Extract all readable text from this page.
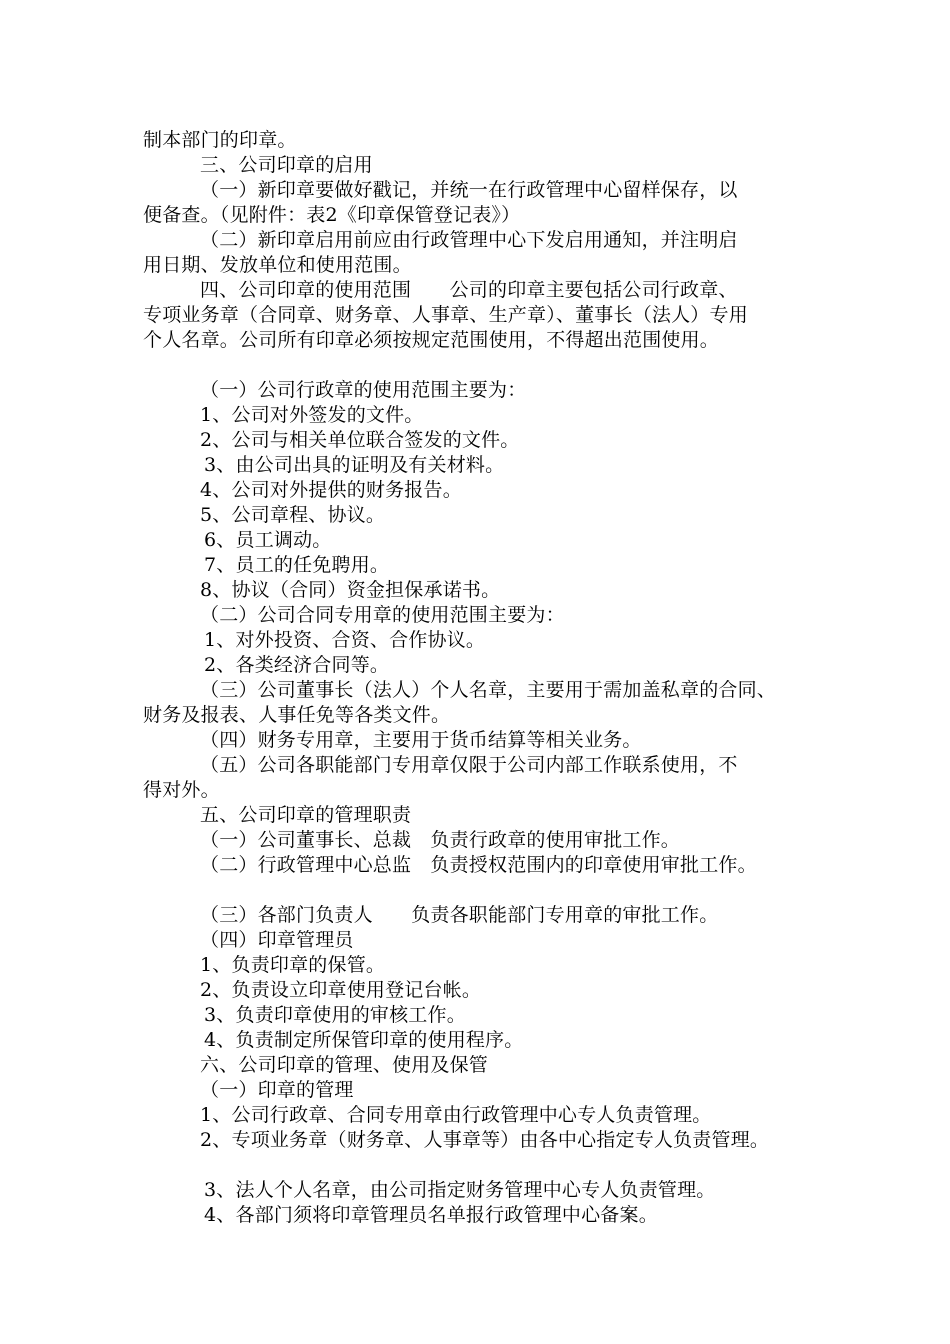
制本部门的印章。
三、公司印章的启用
（一）新印章要做好戳记，并统一在行政管理中心留样保存，以
便备查。（见附件：表2《印章保管登记表》）
（二）新印章启用前应由行政管理中心下发启用通知，并注明启
用日期、发放单位和使用范围。
四、公司印章的使用范围　　公司的印章主要包括公司行政章、
专项业务章（合同章、财务章、人事章、生产章）、董事长（法人）专用
个人名章。公司所有印章必须按规定范围使用，不得超出范围使用。
（一）公司行政章的使用范围主要为：
1、公司对外签发的文件。
2、公司与相关单位联合签发的文件。
3、由公司出具的证明及有关材料。
4、公司对外提供的财务报告。
5、公司章程、协议。
6、员工调动。
7、员工的任免聘用。
8、协议（合同）资金担保承诺书。
（二）公司合同专用章的使用范围主要为：
1、对外投资、合资、合作协议。
2、各类经济合同等。
（三）公司董事长（法人）个人名章，主要用于需加盖私章的合同、
财务及报表、人事任免等各类文件。
（四）财务专用章，主要用于货币结算等相关业务。
（五）公司各职能部门专用章仅限于公司内部工作联系使用，不
得对外。
五、公司印章的管理职责
（一）公司董事长、总裁　负责行政章的使用审批工作。
（二）行政管理中心总监　负责授权范围内的印章使用审批工作。
（三）各部门负责人　　负责各职能部门专用章的审批工作。
（四）印章管理员
1、负责印章的保管。
2、负责设立印章使用登记台帐。
3、负责印章使用的审核工作。
4、负责制定所保管印章的使用程序。
六、公司印章的管理、使用及保管
（一）印章的管理
1、公司行政章、合同专用章由行政管理中心专人负责管理。
2、专项业务章（财务章、人事章等）由各中心指定专人负责管理。
3、法人个人名章，由公司指定财务管理中心专人负责管理。
4、各部门须将印章管理员名单报行政管理中心备案。
